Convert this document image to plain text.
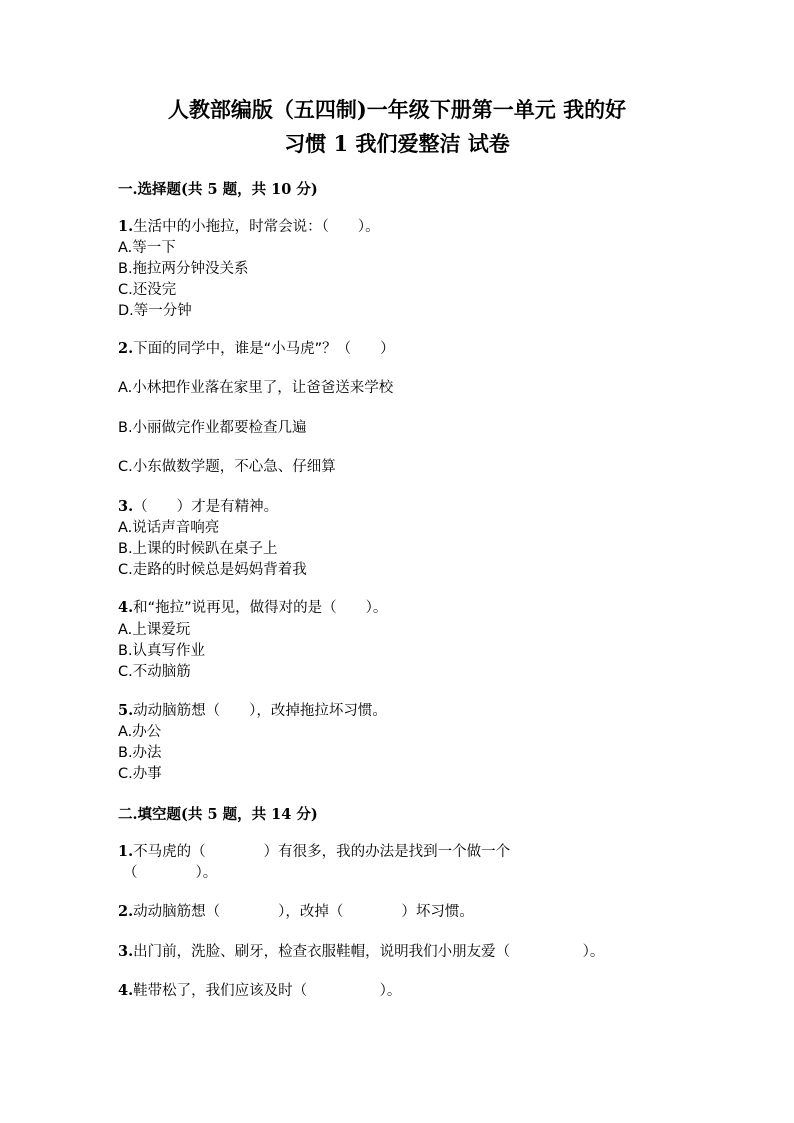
人教部编版（五四制)一年级下册第一单元 我的好
习惯 1 我们爱整洁 试卷
一.选择题(共 5 题，共 10 分)
1.生活中的小拖拉，时常会说：（　　）。
A.等一下
B.拖拉两分钟没关系
C.还没完
D.等一分钟
2.下面的同学中，谁是“小马虎”？（　　）
A.小林把作业落在家里了，让爸爸送来学校
B.小丽做完作业都要检查几遍
C.小东做数学题，不心急、仔细算
3.（　　）才是有精神。
A.说话声音响亮
B.上课的时候趴在桌子上
C.走路的时候总是妈妈背着我
4.和“拖拉”说再见，做得对的是（　　）。
A.上课爱玩
B.认真写作业
C.不动脑筋
5.动动脑筋想（　　），改掉拖拉坏习惯。
A.办公
B.办法
C.办事
二.填空题(共 5 题，共 14 分)
1.不马虎的（　　　　）有很多，我的办法是找到一个做一个
（　　　　）。
2.动动脑筋想（　　　　），改掉（　　　　）坏习惯。
3.出门前，洗脸、刷牙，检查衣服鞋帽，说明我们小朋友爱（　　　　　）。
4.鞋带松了，我们应该及时（　　　　　）。
